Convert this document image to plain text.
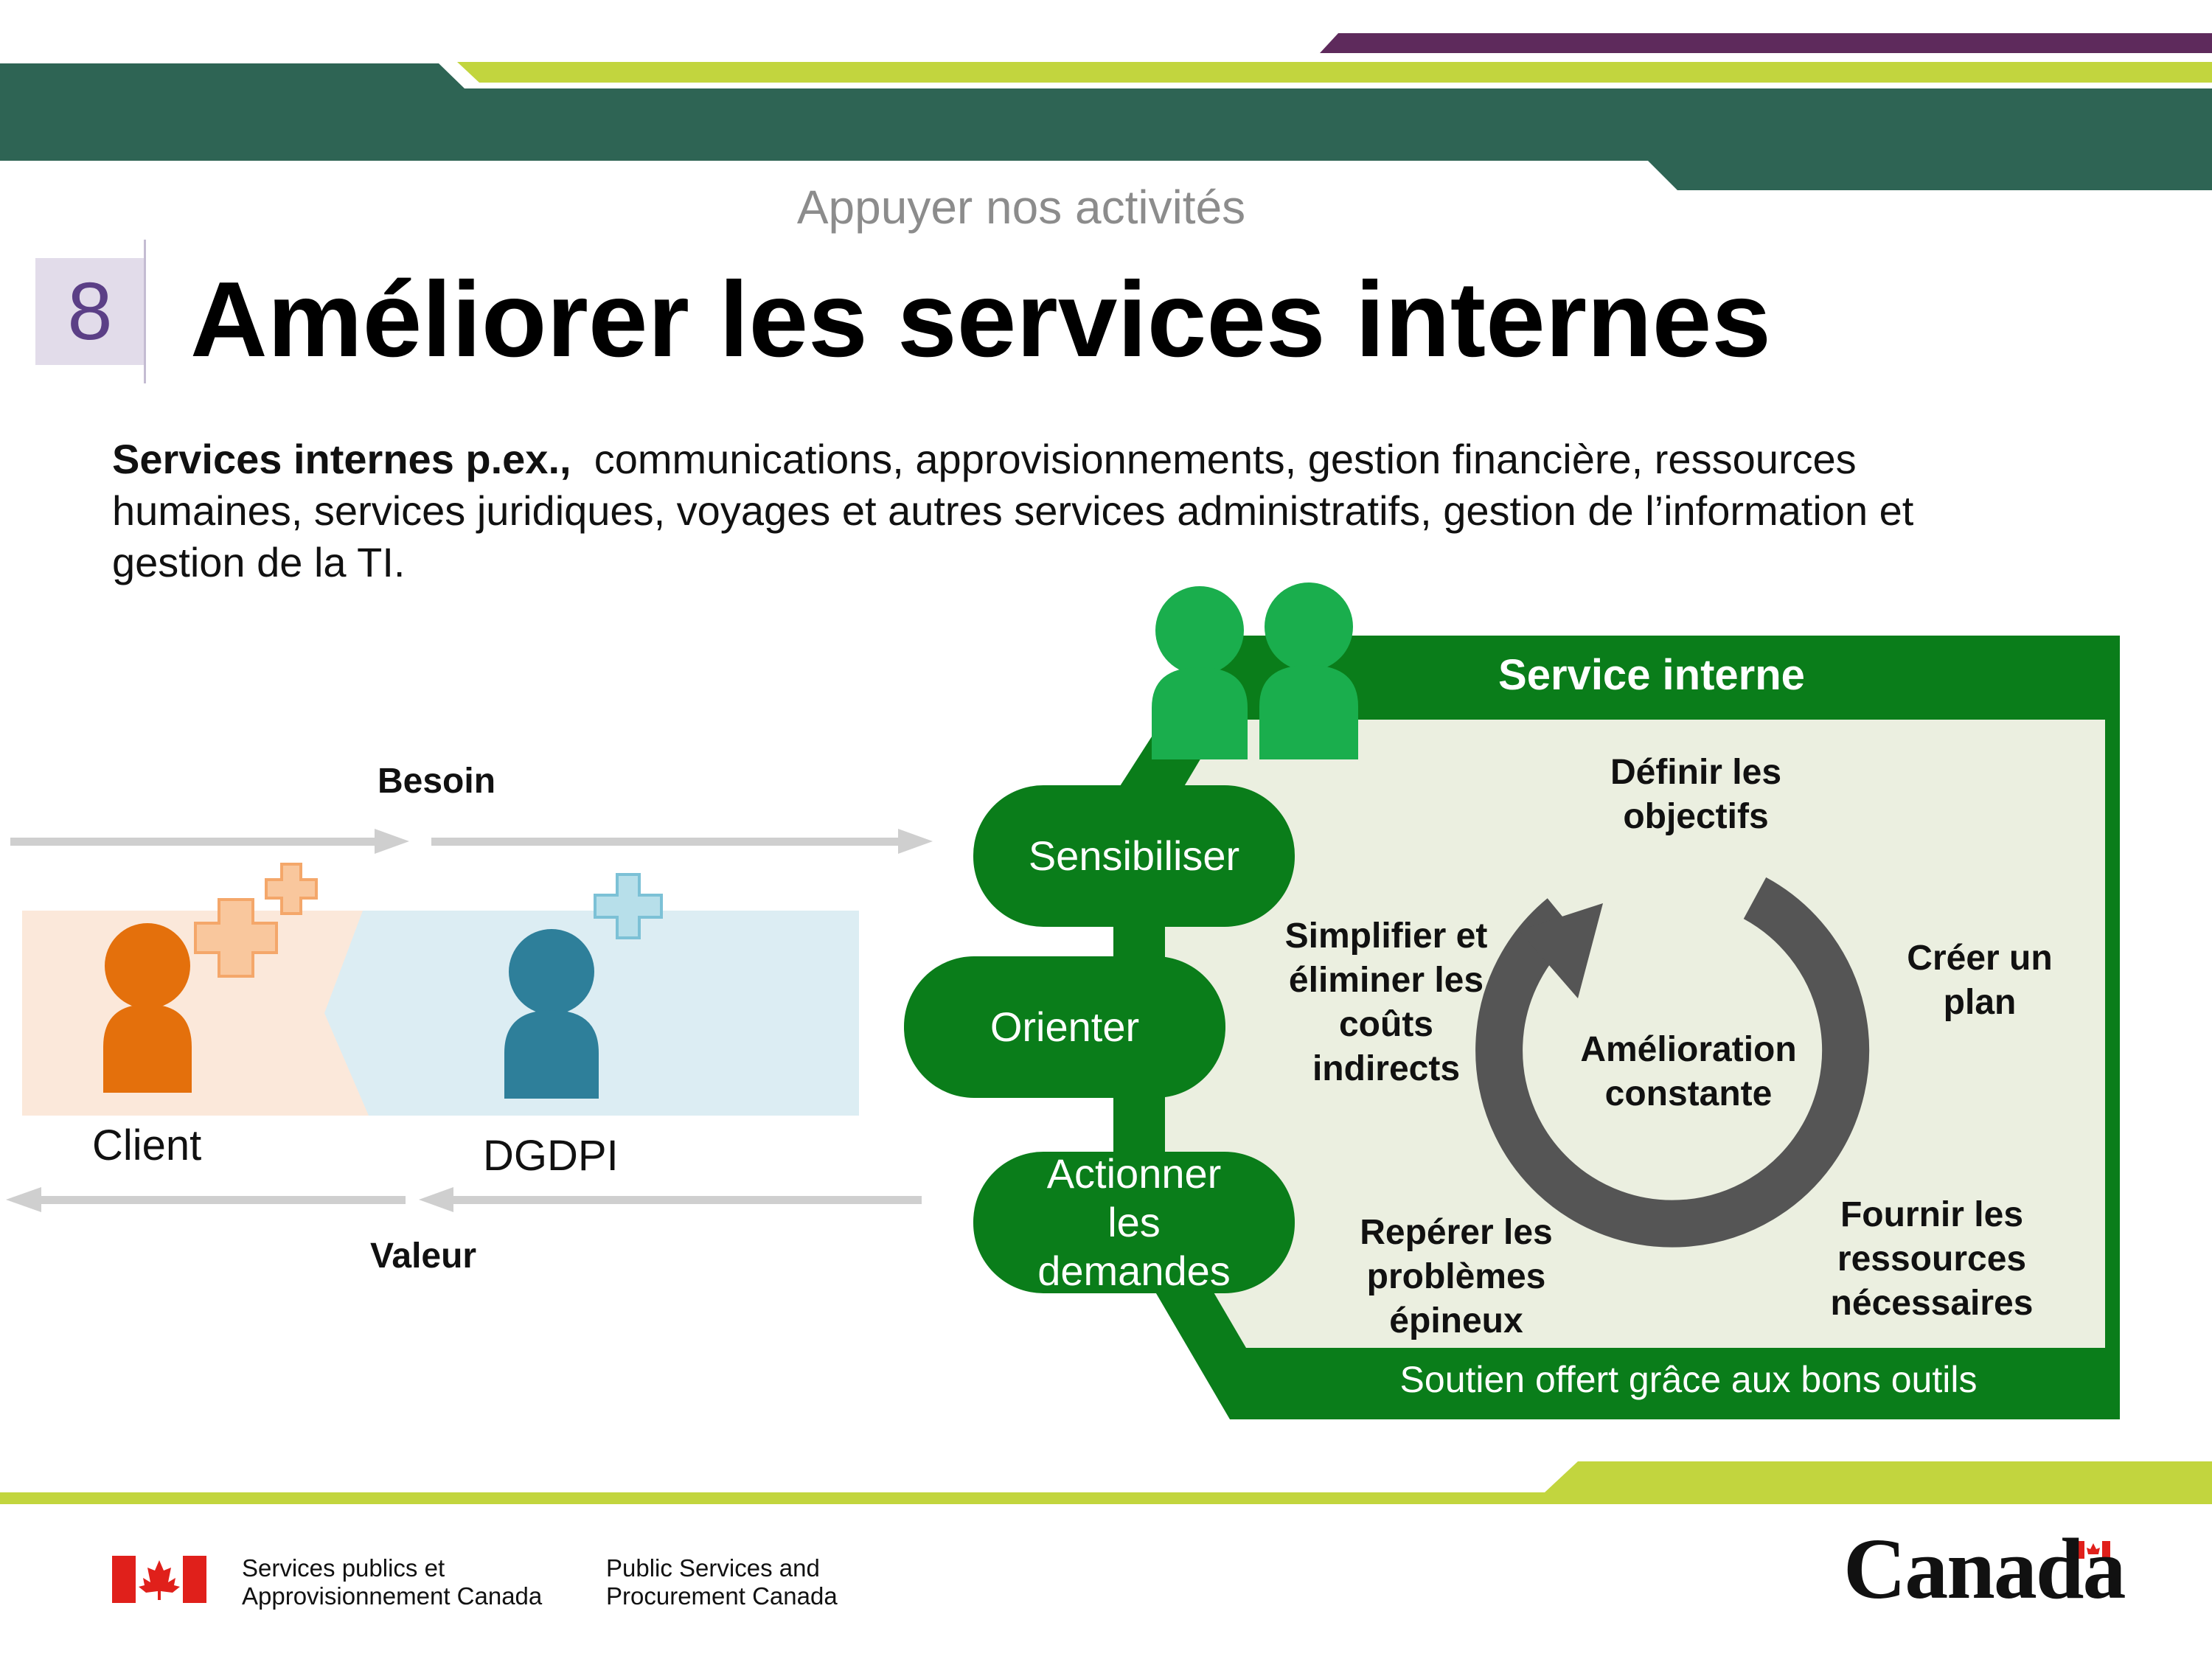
Appuyer nos activités
8 Améliorer les services internes
Services internes p.ex., communications, approvisionnements, gestion financière, ressources humaines, services juridiques, voyages et autres services administratifs, gestion de l’information et gestion de la TI.
Besoin
Valeur
Client	DGDPI
Service interne
Sensibiliser
Orienter
Actionner les demandes
Amélioration constante
Définir les objectifs
Créer un plan
Fournir les ressources nécessaires
Repérer les problèmes épineux
Simplifier et éliminer les coûts indirects
Soutien offert grâce aux bons outils
Services publics et
Approvisionnement Canada
Public Services and
Procurement Canada	Canada
